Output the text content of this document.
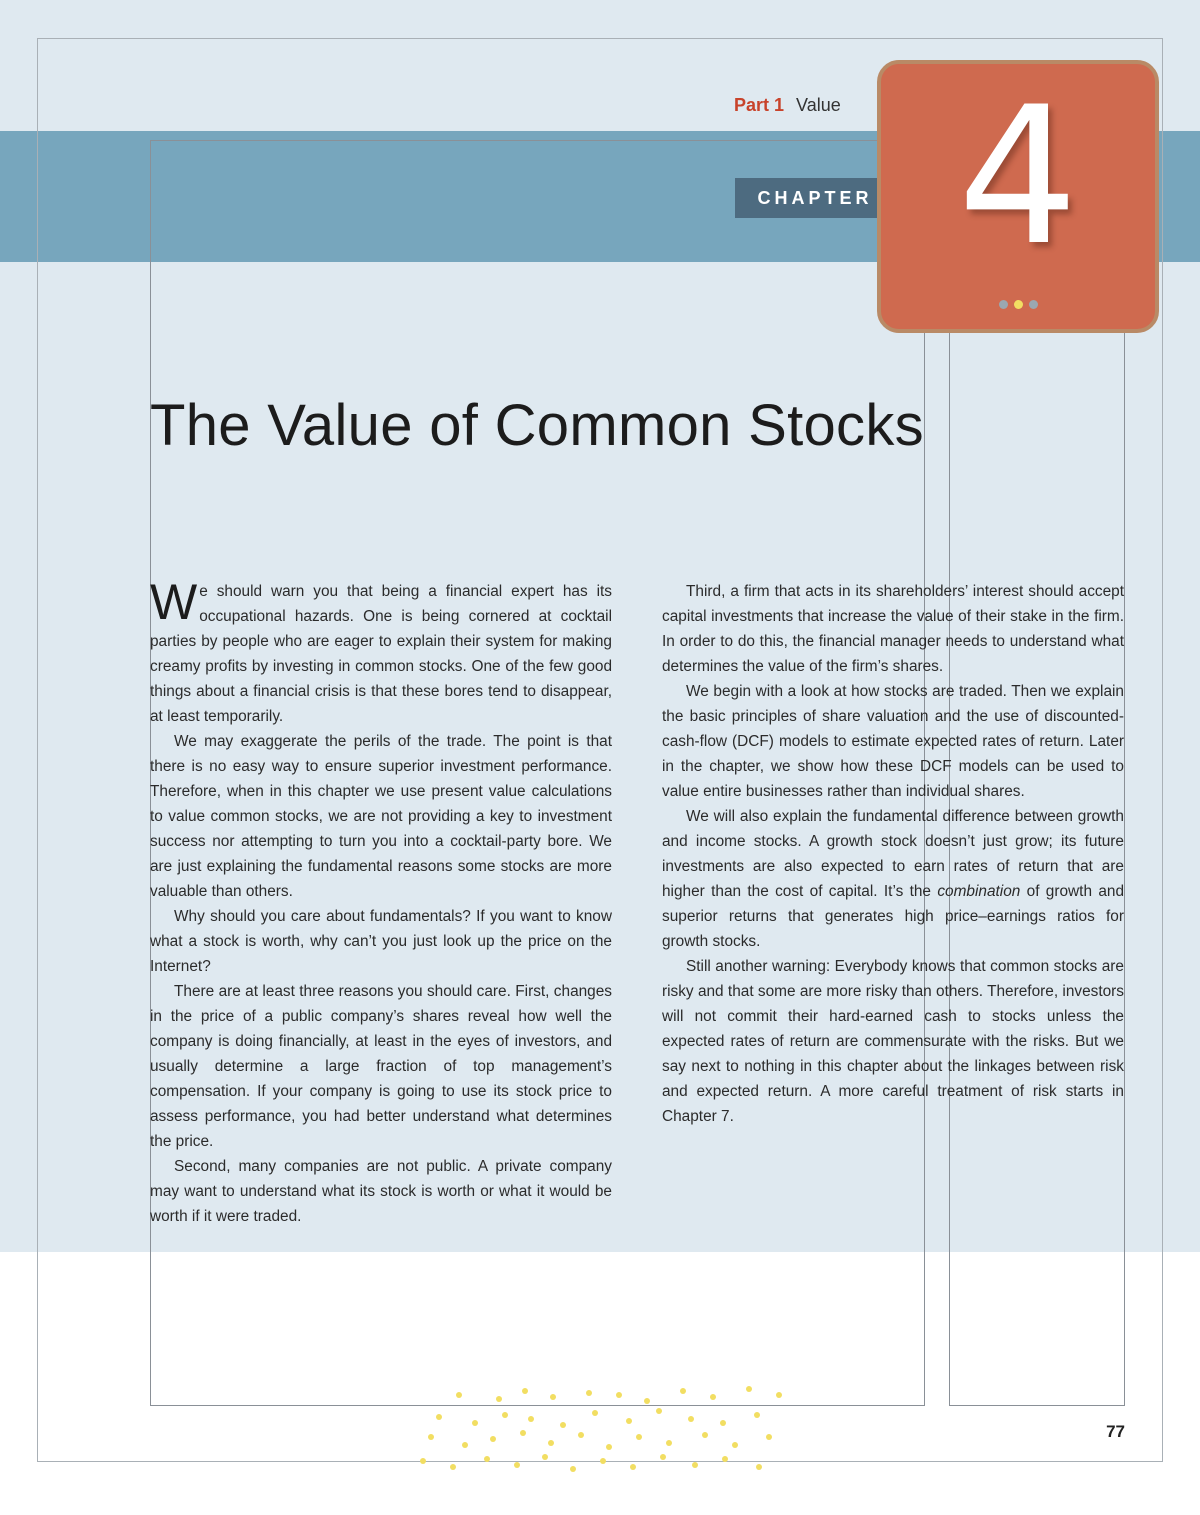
Part 1 Value
CHAPTER 4
The Value of Common Stocks

We should warn you that being a financial expert has its occupational hazards. One is being cornered at cocktail parties by people who are eager to explain their system for making creamy profits by investing in common stocks. One of the few good things about a financial crisis is that these bores tend to disappear, at least temporarily.

We may exaggerate the perils of the trade. The point is that there is no easy way to ensure superior investment performance. Therefore, when in this chapter we use present value calculations to value common stocks, we are not providing a key to investment success nor attempting to turn you into a cocktail-party bore. We are just explaining the fundamental reasons some stocks are more valuable than others.

Why should you care about fundamentals? If you want to know what a stock is worth, why can’t you just look up the price on the Internet?

There are at least three reasons you should care. First, changes in the price of a public company’s shares reveal how well the company is doing financially, at least in the eyes of investors, and usually determine a large fraction of top management’s compensation. If your company is going to use its stock price to assess performance, you had better understand what determines the price.

Second, many companies are not public. A private company may want to understand what its stock is worth or what it would be worth if it were traded.

Third, a firm that acts in its shareholders’ interest should accept capital investments that increase the value of their stake in the firm. In order to do this, the financial manager needs to understand what determines the value of the firm’s shares.

We begin with a look at how stocks are traded. Then we explain the basic principles of share valuation and the use of discounted-cash-flow (DCF) models to estimate expected rates of return. Later in the chapter, we show how these DCF models can be used to value entire businesses rather than individual shares.

We will also explain the fundamental difference between growth and income stocks. A growth stock doesn’t just grow; its future investments are also expected to earn rates of return that are higher than the cost of capital. It’s the combination of growth and superior returns that generates high price–earnings ratios for growth stocks.

Still another warning: Everybody knows that common stocks are risky and that some are more risky than others. Therefore, investors will not commit their hard-earned cash to stocks unless the expected rates of return are commensurate with the risks. But we say next to nothing in this chapter about the linkages between risk and expected return. A more careful treatment of risk starts in Chapter 7.

77
